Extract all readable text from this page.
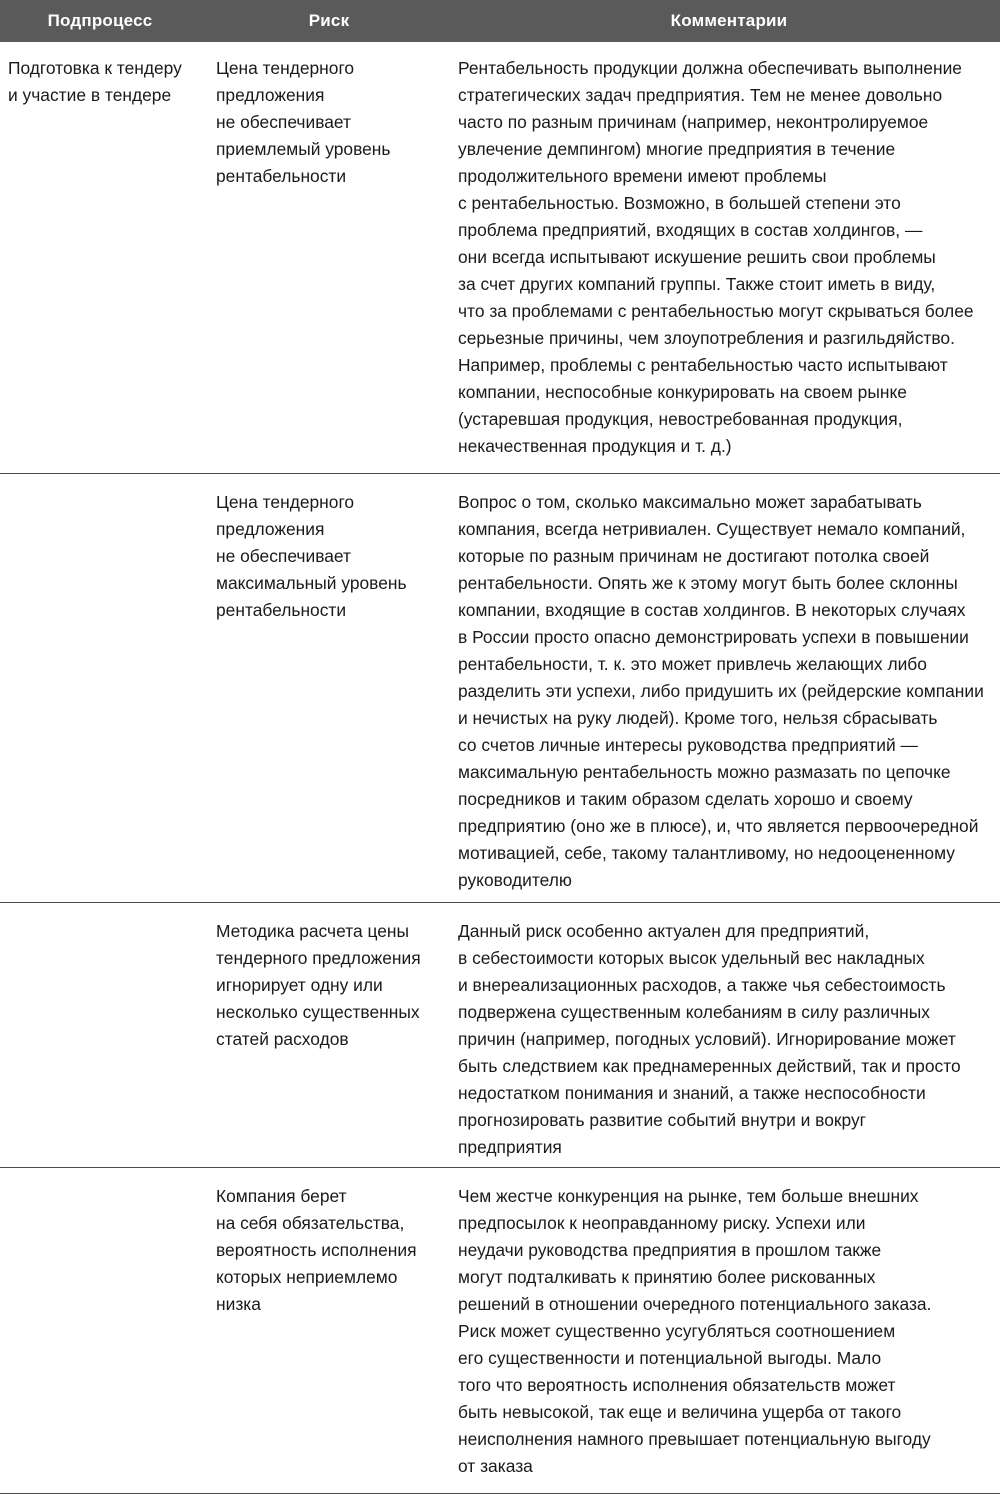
Подпроцесс	Риск	Комментарии
Подготовка к тендеру
и участие в тендере
Цена тендерного
предложения
не обеспечивает
приемлемый уровень
рентабельности
Рентабельность продукции должна обеспечивать выполнение
стратегических задач предприятия. Тем не менее довольно
часто по разным причинам (например, неконтролируемое
увлечение демпингом) многие предприятия в течение
продолжительного времени имеют проблемы
с рентабельностью. Возможно, в большей степени это
проблема предприятий, входящих в состав холдингов, —
они всегда испытывают искушение решить свои проблемы
за счет других компаний группы. Также стоит иметь в виду,
что за проблемами с рентабельностью могут скрываться более
серьезные причины, чем злоупотребления и разгильдяйство.
Например, проблемы с рентабельностью часто испытывают
компании, неспособные конкурировать на своем рынке
(устаревшая продукция, невостребованная продукция,
некачественная продукция и т. д.)
Цена тендерного
предложения
не обеспечивает
максимальный уровень
рентабельности
Вопрос о том, сколько максимально может зарабатывать
компания, всегда нетривиален. Существует немало компаний,
которые по разным причинам не достигают потолка своей
рентабельности. Опять же к этому могут быть более склонны
компании, входящие в состав холдингов. В некоторых случаях
в России просто опасно демонстрировать успехи в повышении
рентабельности, т. к. это может привлечь желающих либо
разделить эти успехи, либо придушить их (рейдерские компании
и нечистых на руку людей). Кроме того, нельзя сбрасывать
со счетов личные интересы руководства предприятий —
максимальную рентабельность можно размазать по цепочке
посредников и таким образом сделать хорошо и своему
предприятию (оно же в плюсе), и, что является первоочередной
мотивацией, себе, такому талантливому, но недооцененному
руководителю
Методика расчета цены
тендерного предложения
игнорирует одну или
несколько существенных
статей расходов
Данный риск особенно актуален для предприятий,
в себестоимости которых высок удельный вес накладных
и внереализационных расходов, а также чья себестоимость
подвержена существенным колебаниям в силу различных
причин (например, погодных условий). Игнорирование может
быть следствием как преднамеренных действий, так и просто
недостатком понимания и знаний, а также неспособности
прогнозировать развитие событий внутри и вокруг
предприятия
Компания берет
на себя обязательства,
вероятность исполнения
которых неприемлемо
низка
Чем жестче конкуренция на рынке, тем больше внешних
предпосылок к неоправданному риску. Успехи или
неудачи руководства предприятия в прошлом также
могут подталкивать к принятию более рискованных
решений в отношении очередного потенциального заказа.
Риск может существенно усугубляться соотношением
его существенности и потенциальной выгоды. Мало
того что вероятность исполнения обязательств может
быть невысокой, так еще и величина ущерба от такого
неисполнения намного превышает потенциальную выгоду
от заказа
